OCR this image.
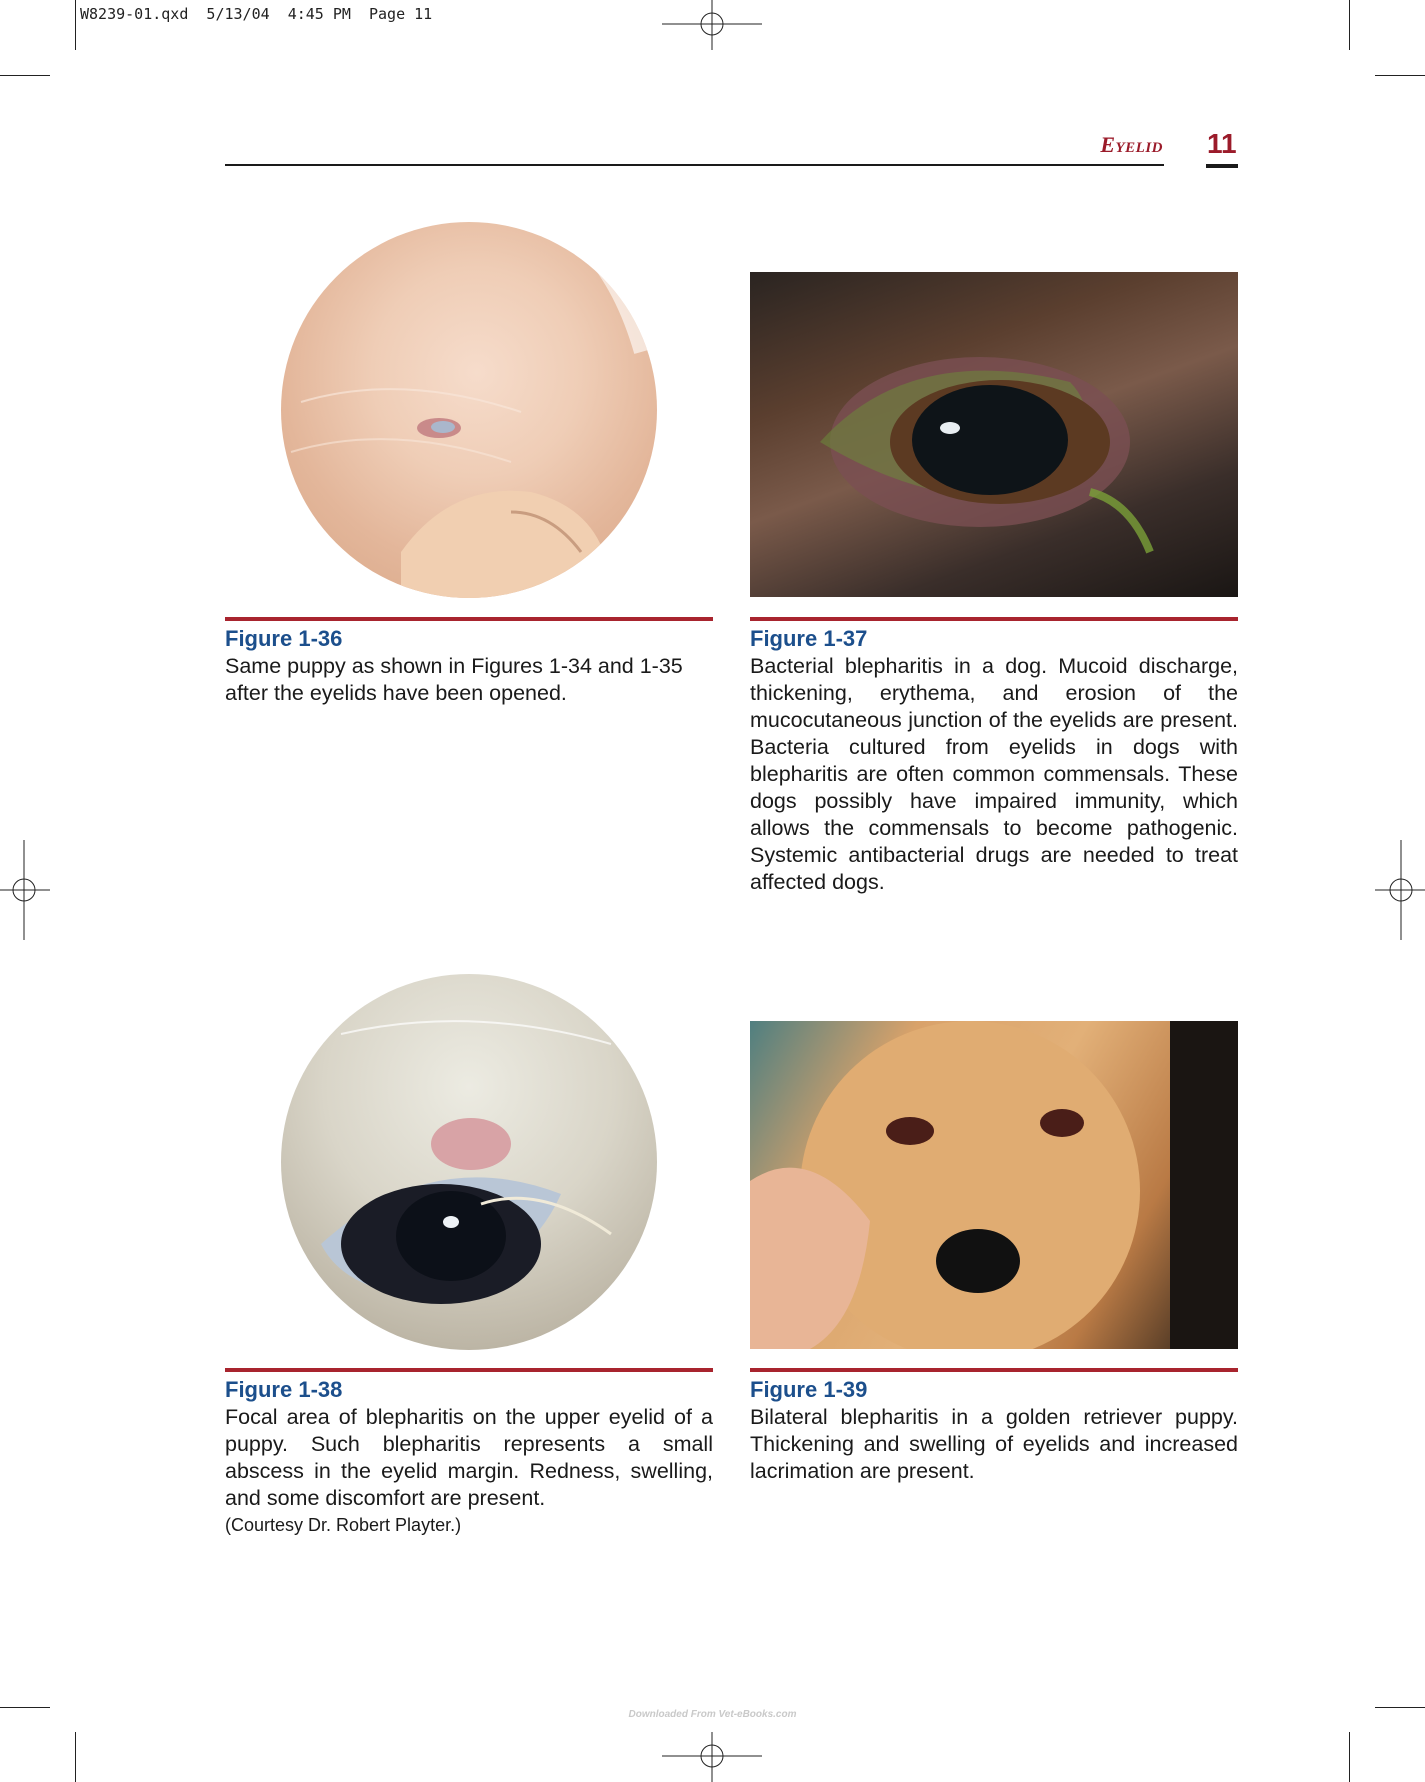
W8239-01.qxd  5/13/04  4:45 PM  Page 11
Eyelid 11
Figure 1-36
Same puppy as shown in Figures 1-34 and 1-35 after the eyelids have been opened.
Figure 1-37
Bacterial blepharitis in a dog. Mucoid discharge, thickening, erythema, and erosion of the mucocutaneous junction of the eyelids are present. Bacteria cultured from eyelids in dogs with blepharitis are often common commensals. These dogs possibly have impaired immunity, which allows the commensals to become pathogenic. Systemic antibacterial drugs are needed to treat affected dogs.
Figure 1-38
Focal area of blepharitis on the upper eyelid of a puppy. Such blepharitis represents a small abscess in the eyelid margin. Redness, swelling, and some discomfort are present.
(Courtesy Dr. Robert Playter.)
Figure 1-39
Bilateral blepharitis in a golden retriever puppy. Thickening and swelling of eyelids and increased lacrimation are present.
Downloaded From Vet-eBooks.com
